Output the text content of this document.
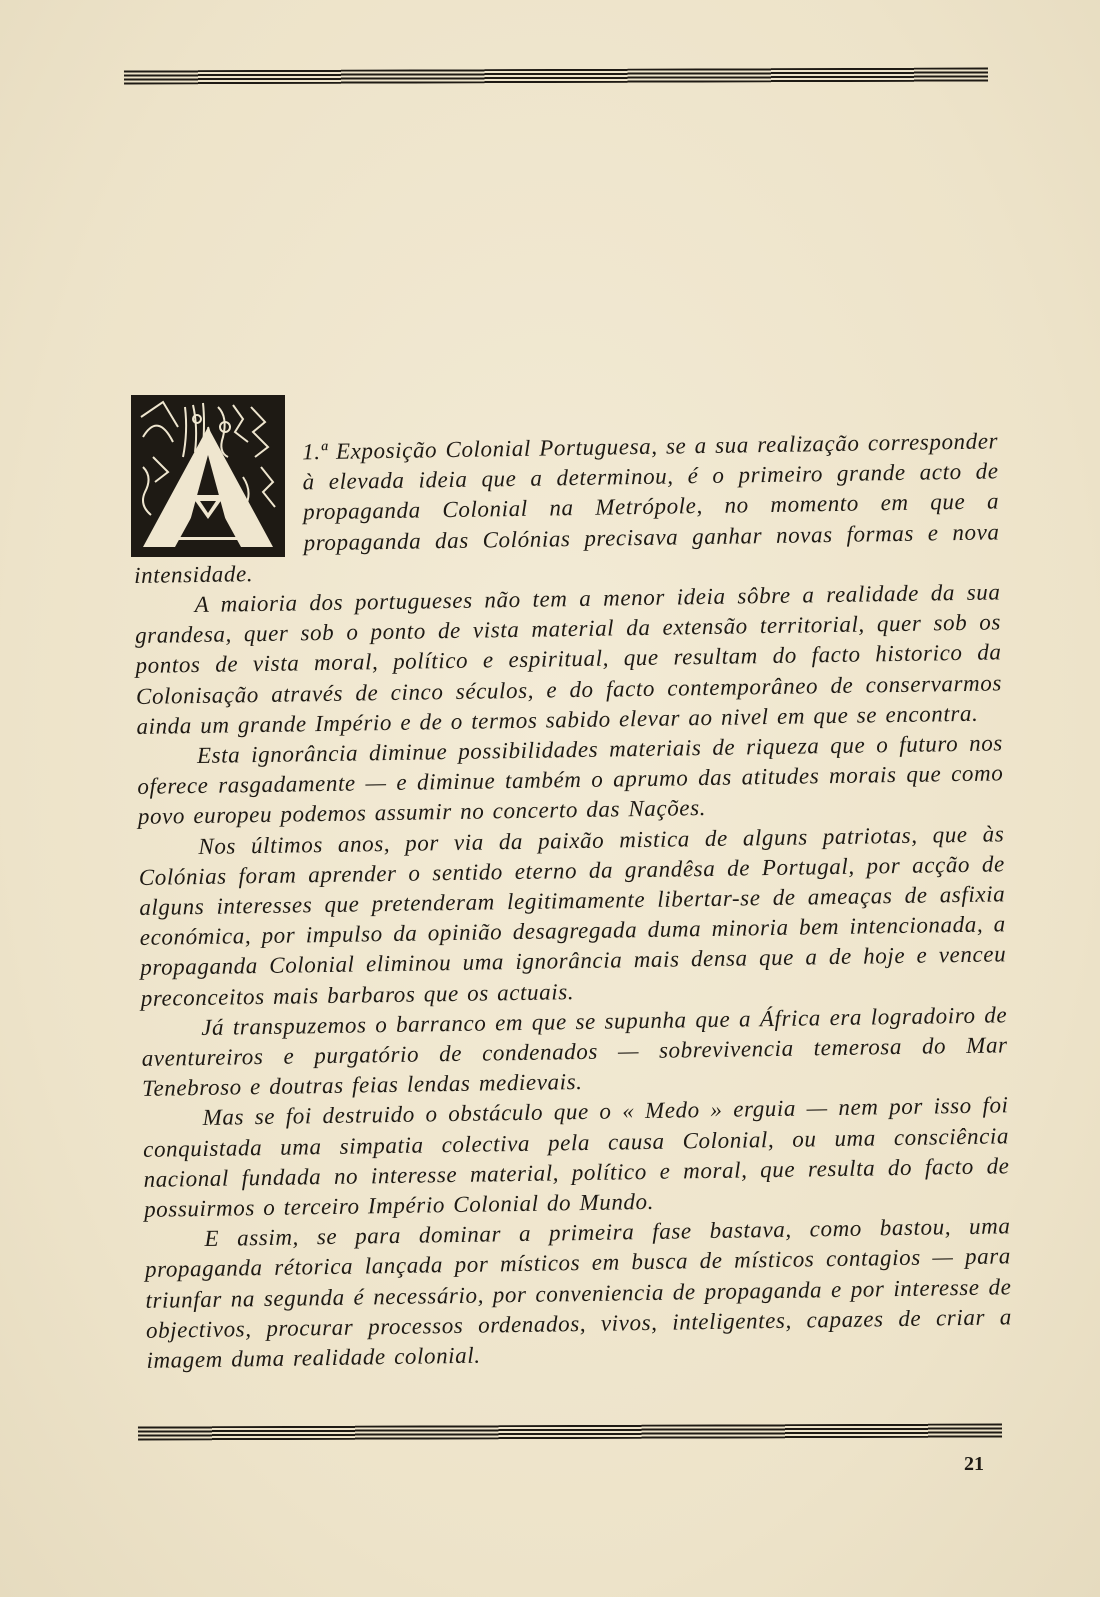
1.ª Exposição Colonial Portuguesa, se a sua realização corresponder à elevada ideia que a determinou, é o primeiro grande acto de propaganda Colonial na Metrópole, no momento em que a propaganda das Colónias precisava ganhar novas formas e nova intensidade.

A maioria dos portugueses não tem a menor ideia sôbre a realidade da sua grandesa, quer sob o ponto de vista material da extensão territorial, quer sob os pontos de vista moral, político e espiritual, que resultam do facto historico da Colonisação através de cinco séculos, e do facto contemporâneo de conservarmos ainda um grande Império e de o termos sabido elevar ao nivel em que se encontra.

Esta ignorância diminue possibilidades materiais de riqueza que o futuro nos oferece rasgadamente — e diminue também o aprumo das atitudes morais que como povo europeu podemos assumir no concerto das Nações.

Nos últimos anos, por via da paixão mistica de alguns patriotas, que às Colónias foram aprender o sentido eterno da grandêsa de Portugal, por acção de alguns interesses que pretenderam legitimamente libertar-se de ameaças de asfixia económica, por impulso da opinião desagregada duma minoria bem intencionada, a propaganda Colonial eliminou uma ignorância mais densa que a de hoje e venceu preconceitos mais barbaros que os actuais.

Já transpuzemos o barranco em que se supunha que a África era logradoiro de aventureiros e purgatório de condenados — sobrevivencia temerosa do Mar Tenebroso e doutras feias lendas medievais.

Mas se foi destruido o obstáculo que o « Medo » erguia — nem por isso foi conquistada uma simpatia colectiva pela causa Colonial, ou uma consciência nacional fundada no interesse material, político e moral, que resulta do facto de possuirmos o terceiro Império Colonial do Mundo.

E assim, se para dominar a primeira fase bastava, como bastou, uma propaganda rétorica lançada por místicos em busca de místicos contagios — para triunfar na segunda é necessário, por conveniencia de propaganda e por interesse de objectivos, procurar processos ordenados, vivos, inteligentes, capazes de criar a imagem duma realidade colonial.

21
